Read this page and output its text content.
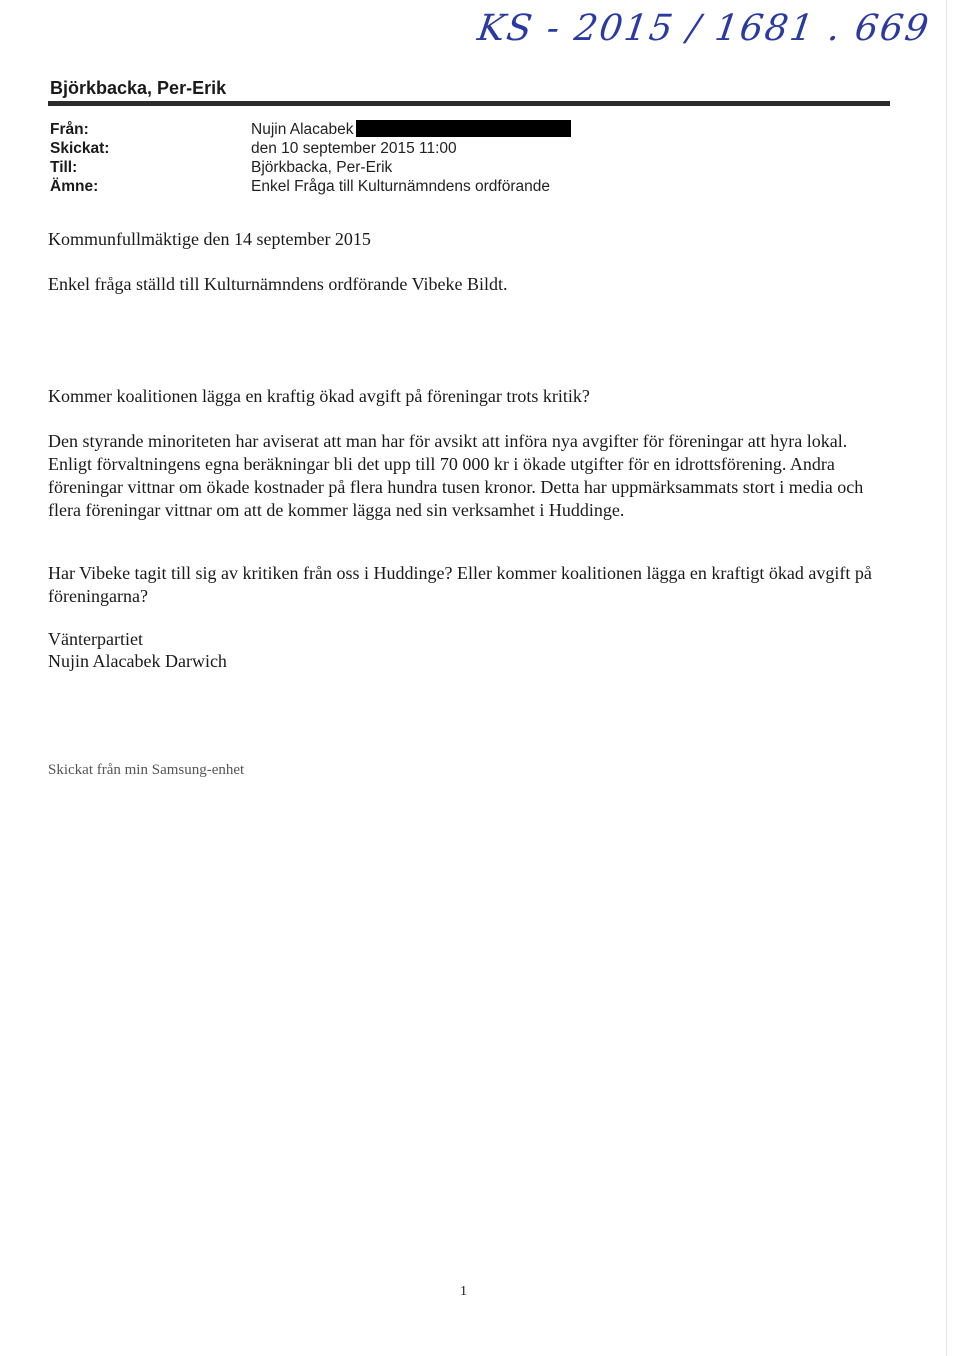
KS - 2015 / 1681 . 669
Björkbacka, Per-Erik
Från:	Nujin Alacabek
Skickat:	den 10 september 2015 11:00
Till:	Björkbacka, Per-Erik
Ämne:	Enkel Fråga till Kulturnämndens ordförande

Kommunfullmäktige den 14 september 2015

Enkel fråga ställd till Kulturnämndens ordförande Vibeke Bildt.

Kommer koalitionen lägga en kraftig ökad avgift på föreningar trots kritik?

Den styrande minoriteten har aviserat att man har för avsikt att införa nya avgifter för föreningar att hyra lokal. Enligt förvaltningens egna beräkningar bli det upp till 70 000 kr i ökade utgifter för en idrottsförening. Andra föreningar vittnar om ökade kostnader på flera hundra tusen kronor. Detta har uppmärksammats stort i media och flera föreningar vittnar om att de kommer lägga ned sin verksamhet i Huddinge.

Har Vibeke tagit till sig av kritiken från oss i Huddinge? Eller kommer koalitionen lägga en kraftigt ökad avgift på föreningarna?

Vänterpartiet

Nujin Alacabek Darwich

Skickat från min Samsung-enhet

1
